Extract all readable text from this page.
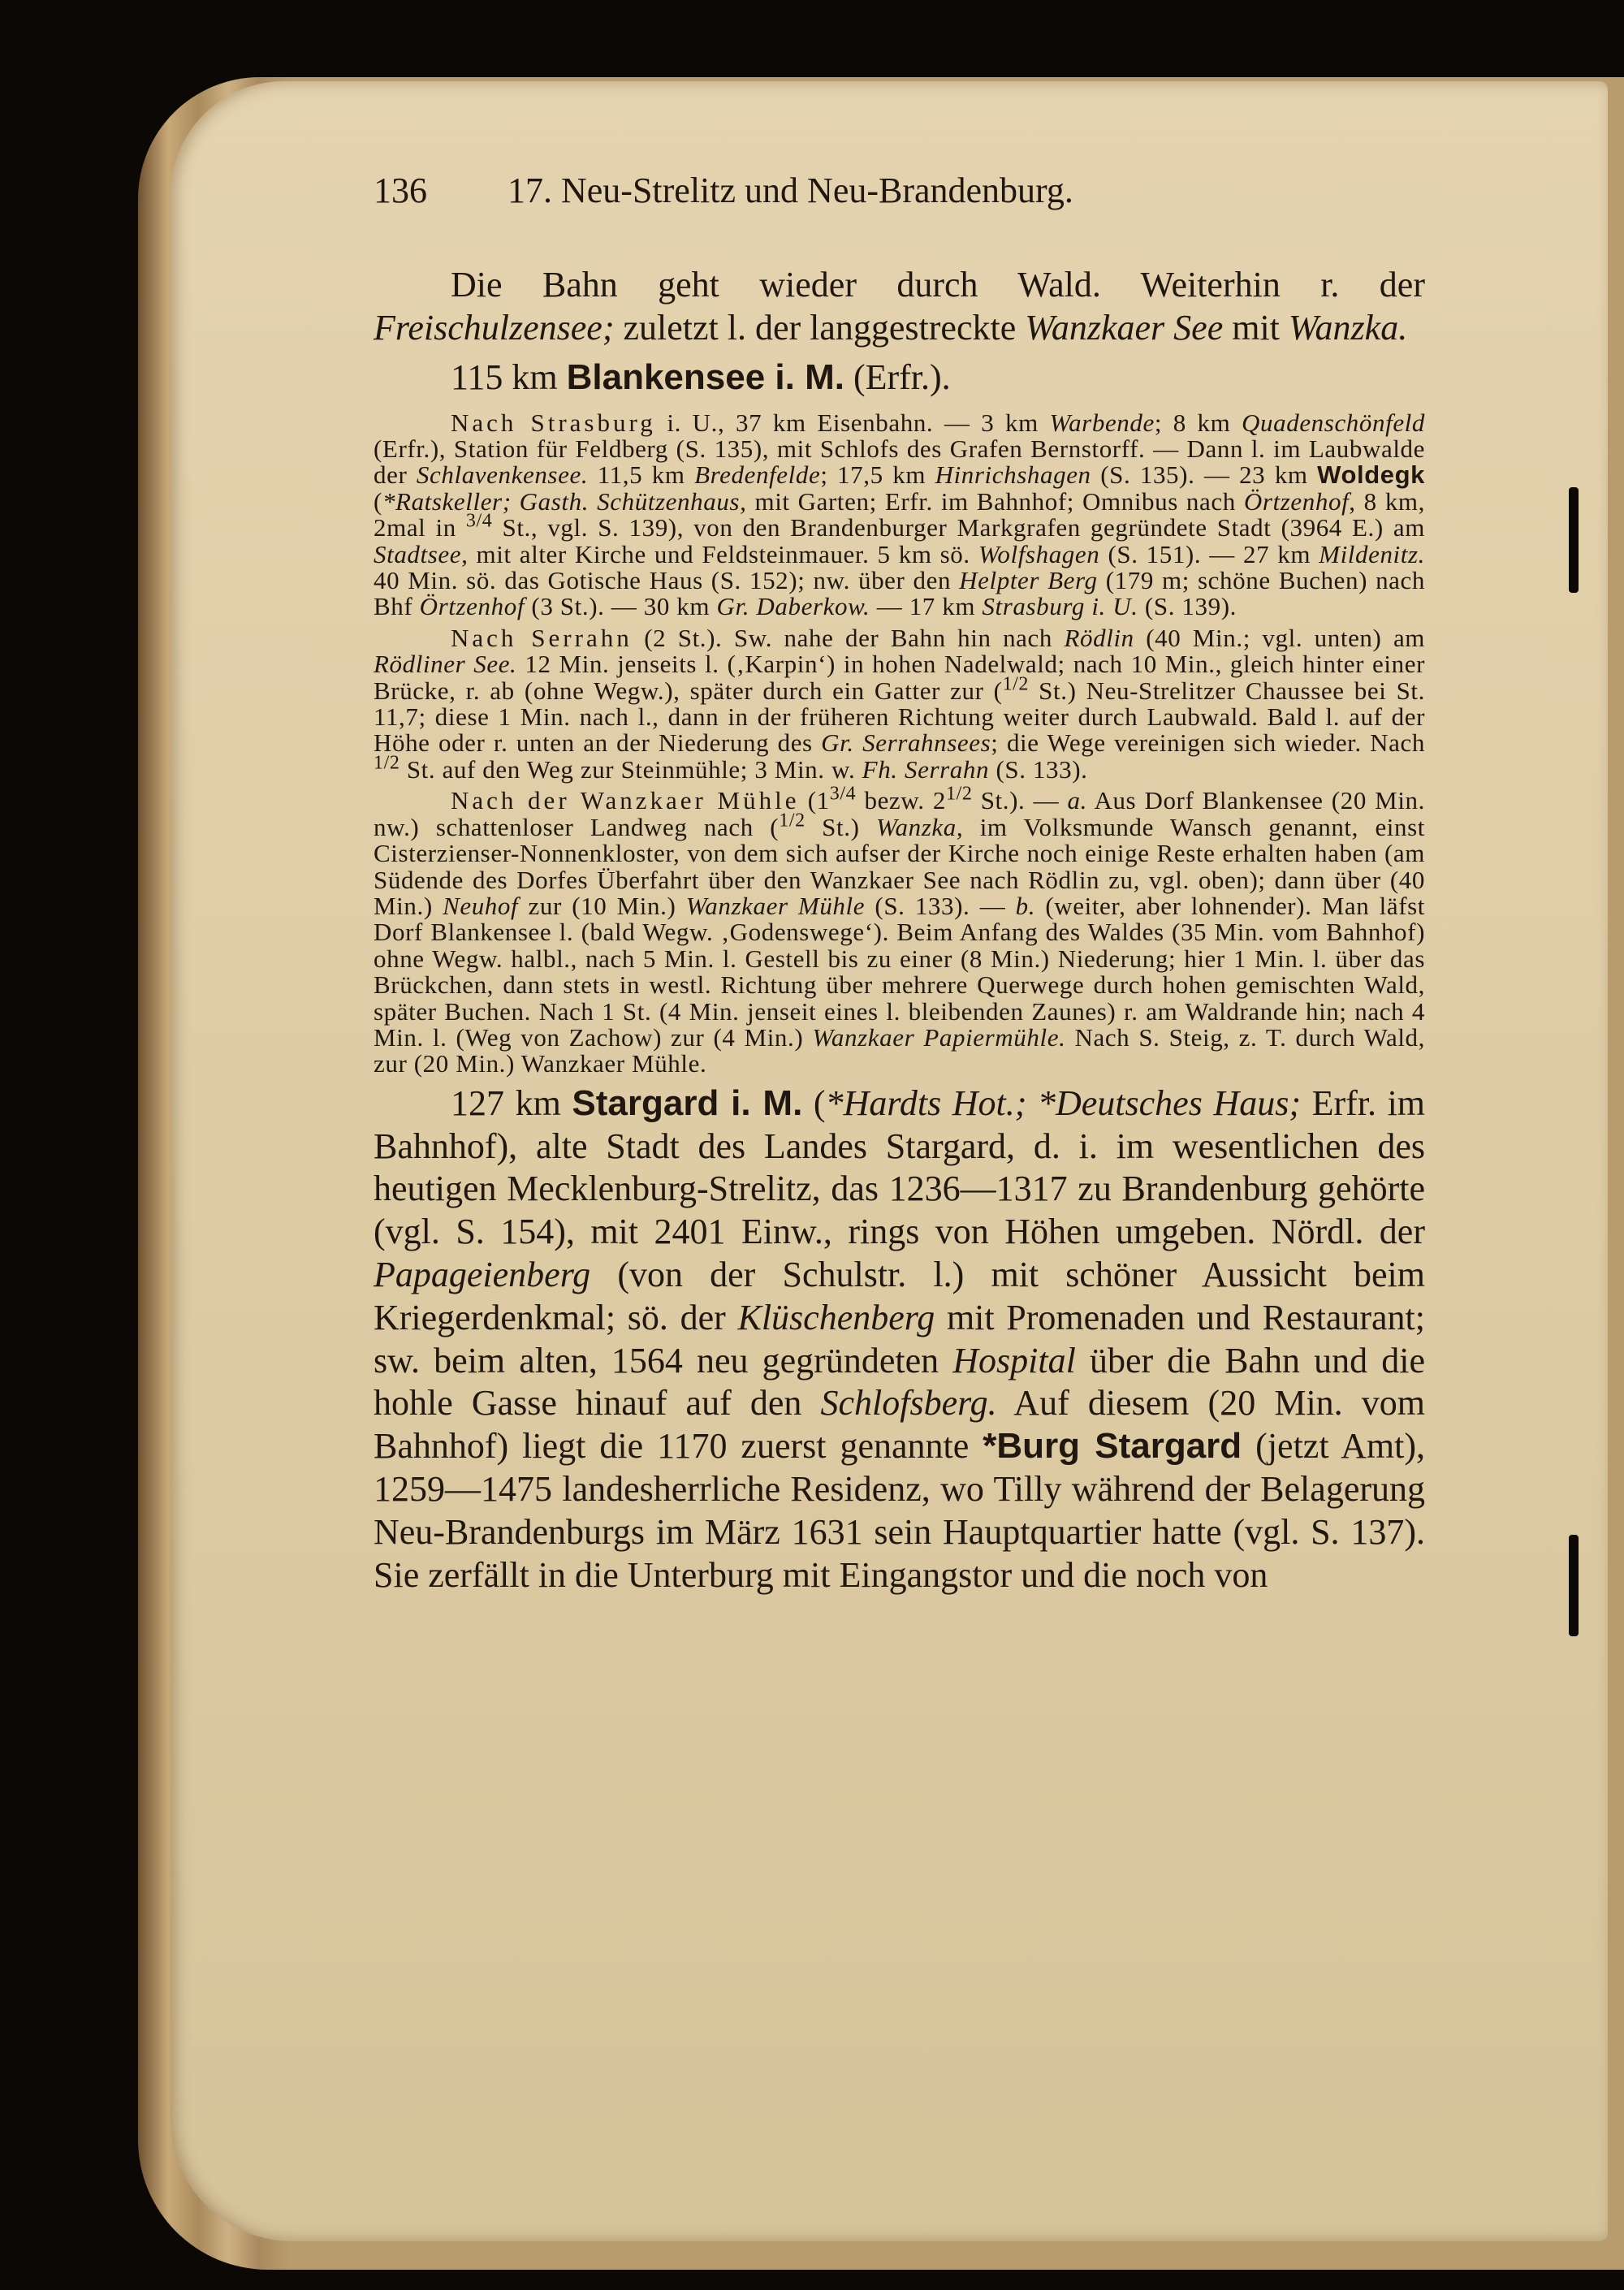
136	17. Neu-Strelitz und Neu-Brandenburg.

Die Bahn geht wieder durch Wald. Weiterhin r. der Freischulzensee; zuletzt l. der langgestreckte Wanzkaer See mit Wanzka.

115 km Blankensee i. M. (Erfr.).

Nach Strasburg i. U., 37 km Eisenbahn. — 3 km Warbende; 8 km Quadenschönfeld (Erfr.), Station für Feldberg (S. 135), mit Schlofs des Grafen Bernstorff. — Dann l. im Laubwalde der Schlavenkensee. 11,5 km Bredenfelde; 17,5 km Hinrichshagen (S. 135). — 23 km Woldegk (*Ratskeller; Gasth. Schützenhaus, mit Garten; Erfr. im Bahnhof; Omnibus nach Örtzenhof, 8 km, 2mal in $^{3/4}$ St., vgl. S. 139), von den Brandenburger Markgrafen gegründete Stadt (3964 E.) am Stadtsee, mit alter Kirche und Feldsteinmauer. 5 km sö. Wolfshagen (S. 151). — 27 km Mildenitz. 40 Min. sö. das Gotische Haus (S. 152); nw. über den Helpter Berg (179 m; schöne Buchen) nach Bhf Örtzenhof (3 St.). — 30 km Gr. Daberkow. — 17 km Strasburg i. U. (S. 139).

Nach Serrahn (2 St.). Sw. nahe der Bahn hin nach Rödlin (40 Min.; vgl. unten) am Rödliner See. 12 Min. jenseits l. (‚Karpin‘) in hohen Nadelwald; nach 10 Min., gleich hinter einer Brücke, r. ab (ohne Wegw.), später durch ein Gatter zur ($^{1/2}$ St.) Neu-Strelitzer Chaussee bei St. 11,7; diese 1 Min. nach l., dann in der früheren Richtung weiter durch Laubwald. Bald l. auf der Höhe oder r. unten an der Niederung des Gr. Serrahnsees; die Wege vereinigen sich wieder. Nach $^{1/2}$ St. auf den Weg zur Steinmühle; 3 Min. w. Fh. Serrahn (S. 133).

Nach der Wanzkaer Mühle ($1^{3/4}$ bezw. $2^{1/2}$ St.). — a. Aus Dorf Blankensee (20 Min. nw.) schattenloser Landweg nach ($^{1/2}$ St.) Wanzka, im Volksmunde Wansch genannt, einst Cisterzienser-Nonnenkloster, von dem sich aufser der Kirche noch einige Reste erhalten haben (am Südende des Dorfes Überfahrt über den Wanzkaer See nach Rödlin zu, vgl. oben); dann über (40 Min.) Neuhof zur (10 Min.) Wanzkaer Mühle (S. 133). — b. (weiter, aber lohnender). Man läfst Dorf Blankensee l. (bald Wegw. ‚Godenswege‘). Beim Anfang des Waldes (35 Min. vom Bahnhof) ohne Wegw. halbl., nach 5 Min. l. Gestell bis zu einer (8 Min.) Niederung; hier 1 Min. l. über das Brückchen, dann stets in westl. Richtung über mehrere Querwege durch hohen gemischten Wald, später Buchen. Nach 1 St. (4 Min. jenseit eines l. bleibenden Zaunes) r. am Waldrande hin; nach 4 Min. l. (Weg von Zachow) zur (4 Min.) Wanzkaer Papiermühle. Nach S. Steig, z. T. durch Wald, zur (20 Min.) Wanzkaer Mühle.

127 km Stargard i. M. (*Hardts Hot.; *Deutsches Haus; Erfr. im Bahnhof), alte Stadt des Landes Stargard, d. i. im wesentlichen des heutigen Mecklenburg-Strelitz, das 1236—1317 zu Brandenburg gehörte (vgl. S. 154), mit 2401 Einw., rings von Höhen umgeben. Nördl. der Papageienberg (von der Schulstr. l.) mit schöner Aussicht beim Kriegerdenkmal; sö. der Klüschenberg mit Promenaden und Restaurant; sw. beim alten, 1564 neu gegründeten Hospital über die Bahn und die hohle Gasse hinauf auf den Schlofsberg. Auf diesem (20 Min. vom Bahnhof) liegt die 1170 zuerst genannte *Burg Stargard (jetzt Amt), 1259—1475 landesherrliche Residenz, wo Tilly während der Belagerung Neu-Brandenburgs im März 1631 sein Hauptquartier hatte (vgl. S. 137). Sie zerfällt in die Unterburg mit Eingangstor und die noch von
